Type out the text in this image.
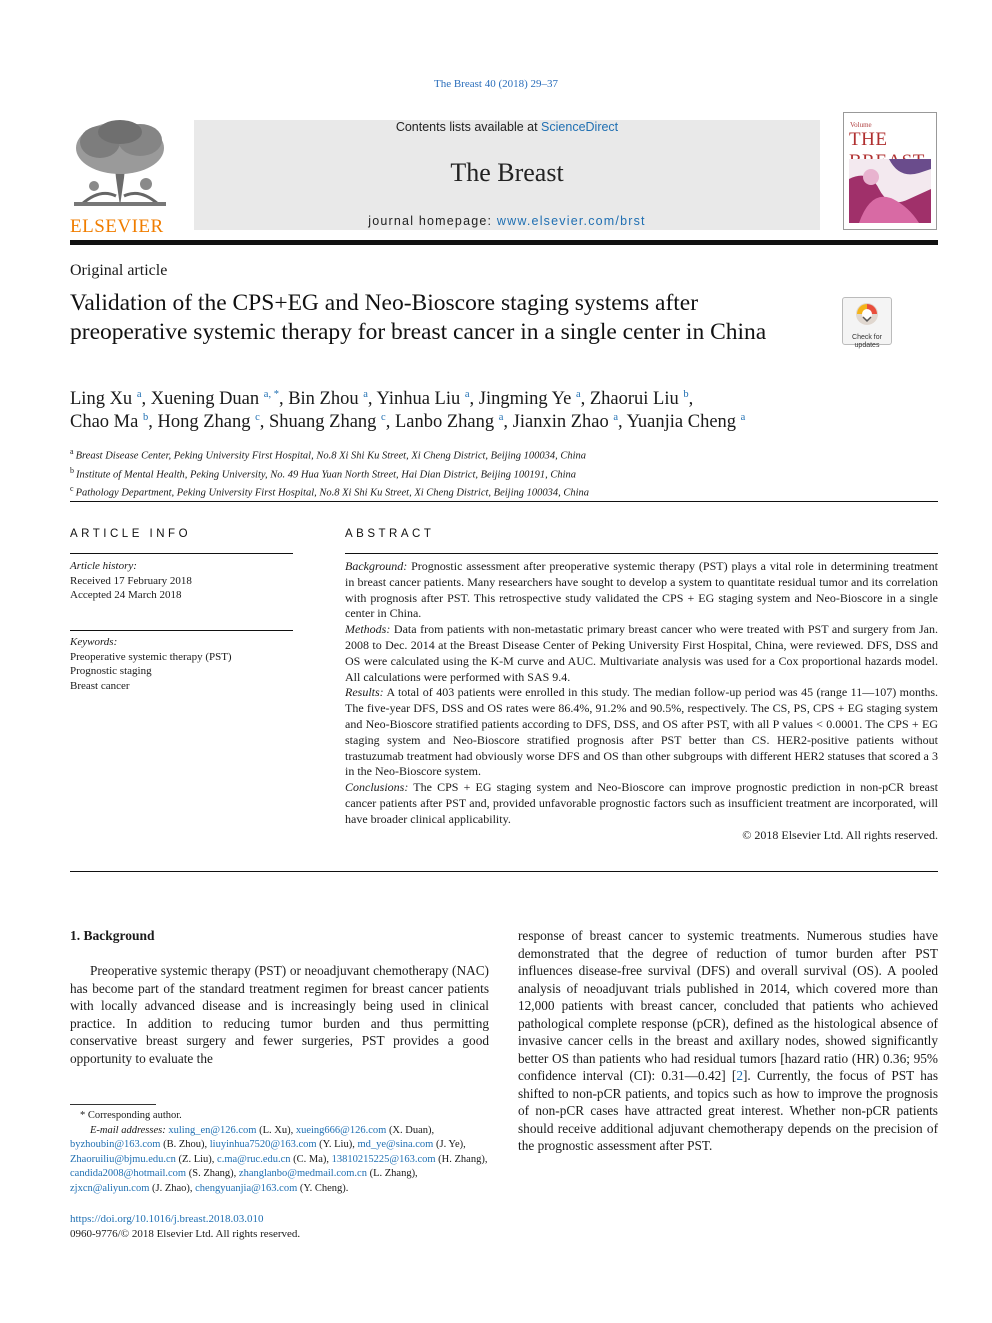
The Breast 40 (2018) 29–37
ELSEVIER
Contents lists available at ScienceDirect
The Breast
journal homepage: www.elsevier.com/brst
Volume
THE
Original article
Validation of the CPS+EG and Neo-Bioscore staging systems after preoperative systemic therapy for breast cancer in a single center in China	Check for
updates
Ling Xu $^a$, Xuening Duan $^{a, *}$, Bin Zhou $^a$, Yinhua Liu $^a$, Jingming Ye $^a$, Zhaorui Liu $^b$,
Chao Ma $^b$, Hong Zhang $^c$, Shuang Zhang $^c$, Lanbo Zhang $^a$, Jianxin Zhao $^a$, Yuanjia Cheng $^a$
$^a$ Breast Disease Center, Peking University First Hospital, No.8 Xi Shi Ku Street, Xi Cheng District, Beijing 100034, China
$^b$ Institute of Mental Health, Peking University, No. 49 Hua Yuan North Street, Hai Dian District, Beijing 100191, China
$^c$ Pathology Department, Peking University First Hospital, No.8 Xi Shi Ku Street, Xi Cheng District, Beijing 100034, China
ARTICLE INFO
Article history:
Received 17 February 2018
Accepted 24 March 2018
Keywords:
Preoperative systemic therapy (PST)
Prognostic staging
Breast cancer
ABSTRACT
Background: Prognostic assessment after preoperative systemic therapy (PST) plays a vital role in determining treatment in breast cancer patients. Many researchers have sought to develop a system to quantitate residual tumor and its correlation with prognosis after PST. This retrospective study validated the CPS + EG staging system and Neo-Bioscore in a single center in China.
Methods: Data from patients with non-metastatic primary breast cancer who were treated with PST and surgery from Jan. 2008 to Dec. 2014 at the Breast Disease Center of Peking University First Hospital, China, were reviewed. DFS, DSS and OS were calculated using the K-M curve and AUC. Multivariate analysis was used for a Cox proportional hazards model. All calculations were performed with SAS 9.4.
Results: A total of 403 patients were enrolled in this study. The median follow-up period was 45 (range 11—107) months. The five-year DFS, DSS and OS rates were 86.4%, 91.2% and 90.5%, respectively. The CS, PS, CPS + EG staging system and Neo-Bioscore stratified patients according to DFS, DSS, and OS after PST, with all P values < 0.0001. The CPS + EG staging system and Neo-Bioscore stratified prognosis after PST better than CS. HER2-positive patients without trastuzumab treatment had obviously worse DFS and OS than other subgroups with different HER2 statuses that scored a 3 in the Neo-Bioscore system.
Conclusions: The CPS + EG staging system and Neo-Bioscore can improve prognostic prediction in non-pCR breast cancer patients after PST and, provided unfavorable prognostic factors such as insufficient treatment are incorporated, will have broader clinical applicability.
© 2018 Elsevier Ltd. All rights reserved.
1. Background
Preoperative systemic therapy (PST) or neoadjuvant chemotherapy (NAC) has become part of the standard treatment regimen for breast cancer patients with locally advanced disease and is increasingly being used in clinical practice. In addition to reducing tumor burden and thus permitting conservative breast surgery and fewer surgeries, PST provides a good opportunity to evaluate the
response of breast cancer to systemic treatments. Numerous studies have demonstrated that the degree of reduction of tumor burden after PST influences disease-free survival (DFS) and overall survival (OS). A pooled analysis of neoadjuvant trials published in 2014, which covered more than 12,000 patients with breast cancer, concluded that patients who achieved pathological complete response (pCR), defined as the histological absence of invasive cancer cells in the breast and axillary nodes, showed significantly better OS than patients who had residual tumors [hazard ratio (HR) 0.36; 95% confidence interval (CI): 0.31—0.42] [2]. Currently, the focus of PST has shifted to non-pCR patients, and topics such as how to improve the prognosis of non-pCR cases have attracted great interest. Whether non-pCR patients should receive additional adjuvant chemotherapy depends on the precision of the prognostic assessment after PST.
* Corresponding author.
E-mail addresses: xuling_en@126.com (L. Xu), xueing666@126.com (X. Duan), byzhoubin@163.com (B. Zhou), liuyinhua7520@163.com (Y. Liu), md_ye@sina.com (J. Ye), Zhaoruiliu@bjmu.edu.cn (Z. Liu), c.ma@ruc.edu.cn (C. Ma), 13810215225@163.com (H. Zhang), candida2008@hotmail.com (S. Zhang), zhanglanbo@medmail.com.cn (L. Zhang), zjxcn@aliyun.com (J. Zhao), chengyuanjia@163.com (Y. Cheng).
https://doi.org/10.1016/j.breast.2018.03.010
0960-9776/© 2018 Elsevier Ltd. All rights reserved.
